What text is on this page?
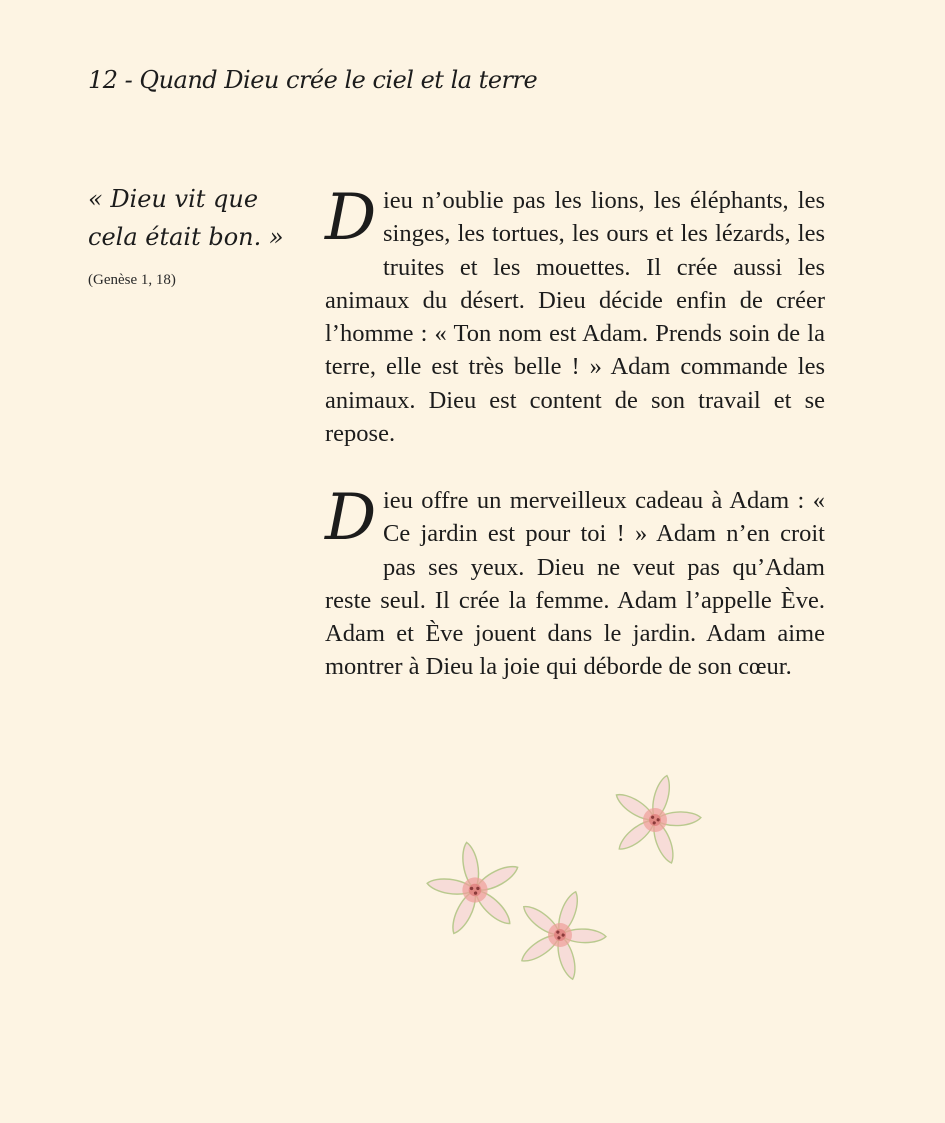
12 - Quand Dieu crée le ciel et la terre
« Dieu vit que cela était bon. »
(Genèse 1, 18)

Dieu n’oublie pas les lions, les éléphants, les singes, les tortues, les ours et les lézards, les truites et les mouettes. Il crée aussi les animaux du désert. Dieu décide enfin de créer l’homme : « Ton nom est Adam. Prends soin de la terre, elle est très belle ! » Adam commande les animaux. Dieu est content de son travail et se repose.

Dieu offre un merveilleux cadeau à Adam : « Ce jardin est pour toi ! » Adam n’en croit pas ses yeux. Dieu ne veut pas qu’Adam reste seul. Il crée la femme. Adam l’appelle Ève. Adam et Ève jouent dans le jardin. Adam aime montrer à Dieu la joie qui déborde de son cœur.
